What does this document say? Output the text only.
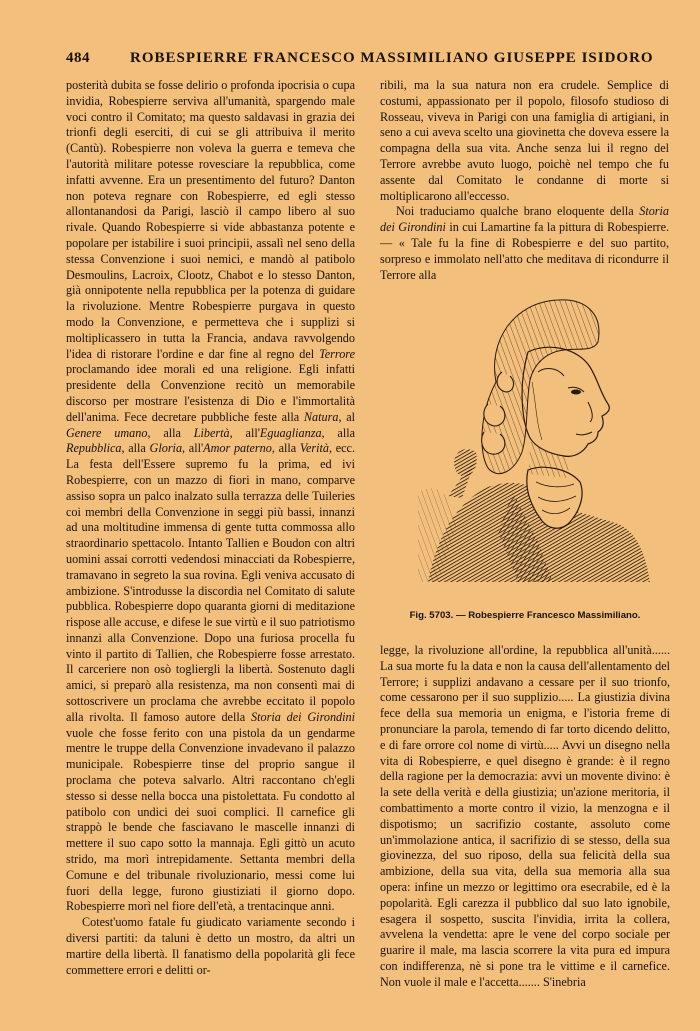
484	ROBESPIERRE FRANCESCO MASSIMILIANO GIUSEPPE ISIDORO

posterità dubita se fosse delirio o profonda ipocrisia o cupa invidia, Robespierre serviva all'umanità, spargendo male voci contro il Comitato; ma questo saldavasi in grazia dei trionfi degli eserciti, di cui se gli attribuiva il merito (Cantù). Robespierre non voleva la guerra e temeva che l'autorità militare potesse rovesciare la repubblica, come infatti avvenne. Era un presentimento del futuro? Danton non poteva regnare con Robespierre, ed egli stesso allontanandosi da Parigi, lasciò il campo libero al suo rivale. Quando Robespierre si vide abbastanza potente e popolare per istabilire i suoi principii, assalì nel seno della stessa Convenzione i suoi nemici, e mandò al patibolo Desmoulins, Lacroix, Clootz, Chabot e lo stesso Danton, già onnipotente nella repubblica per la potenza di guidare la rivoluzione. Mentre Robespierre purgava in questo modo la Convenzione, e permetteva che i supplizi si moltiplicassero in tutta la Francia, andava ravvolgendo l'idea di ristorare l'ordine e dar fine al regno del Terrore proclamando idee morali ed una religione. Egli infatti presidente della Convenzione recitò un memorabile discorso per mostrare l'esistenza di Dio e l'immortalità dell'anima. Fece decretare pubbliche feste alla Natura, al Genere umano, alla Libertà, all'Eguaglianza, alla Repubblica, alla Gloria, all'Amor paterno, alla Verità, ecc. La festa dell'Essere supremo fu la prima, ed ivi Robespierre, con un mazzo di fiori in mano, comparve assiso sopra un palco inalzato sulla terrazza delle Tuileries coi membri della Convenzione in seggi più bassi, innanzi ad una moltitudine immensa di gente tutta commossa allo straordinario spettacolo. Intanto Tallien e Boudon con altri uomini assai corrotti vedendosi minacciati da Robespierre, tramavano in segreto la sua rovina. Egli veniva accusato di ambizione. S'introdusse la discordia nel Comitato di salute pubblica. Robespierre dopo quaranta giorni di meditazione rispose alle accuse, e difese le sue virtù e il suo patriotismo innanzi alla Convenzione. Dopo una furiosa procella fu vinto il partito di Tallien, che Robespierre fosse arrestato. Il carceriere non osò togliergli la libertà. Sostenuto dagli amici, si preparò alla resistenza, ma non consentì mai di sottoscrivere un proclama che avrebbe eccitato il popolo alla rivolta. Il famoso autore della Storia dei Girondini vuole che fosse ferito con una pistola da un gendarme mentre le truppe della Convenzione invadevano il palazzo municipale. Robespierre tinse del proprio sangue il proclama che poteva salvarlo. Altri raccontano ch'egli stesso si desse nella bocca una pistolettata. Fu condotto al patibolo con undici dei suoi complici. Il carnefice gli strappò le bende che fasciavano le mascelle innanzi di mettere il suo capo sotto la mannaja. Egli gittò un acuto strido, ma morì intrepidamente. Settanta membri della Comune e del tribunale rivoluzionario, messi come lui fuori della legge, furono giustiziati il giorno dopo. Robespierre morì nel fiore dell'età, a trentacinque anni.

Cotest'uomo fatale fu giudicato variamente secondo i diversi partiti: da taluni è detto un mostro, da altri un martire della libertà. Il fanatismo della popolarità gli fece commettere errori e delitti or-

ribili, ma la sua natura non era crudele. Semplice di costumi, appassionato per il popolo, filosofo studioso di Rosseau, viveva in Parigi con una famiglia di artigiani, in seno a cui aveva scelto una giovinetta che doveva essere la compagna della sua vita. Anche senza lui il regno del Terrore avrebbe avuto luogo, poichè nel tempo che fu assente dal Comitato le condanne di morte si moltiplicarono all'eccesso.

Noi traduciamo qualche brano eloquente della Storia dei Girondini in cui Lamartine fa la pittura di Robespierre. — « Tale fu la fine di Robespierre e del suo partito, sorpreso e immolato nell'atto che meditava di ricondurre il Terrore alla

Fig. 5703. — Robespierre Francesco Massimiliano.

legge, la rivoluzione all'ordine, la repubblica all'unità...... La sua morte fu la data e non la causa dell'allentamento del Terrore; i supplizi andavano a cessare per il suo trionfo, come cessarono per il suo supplizio..... La giustizia divina fece della sua memoria un enigma, e l'istoria freme di pronunciare la parola, temendo di far torto dicendo delitto, e di fare orrore col nome di virtù..... Avvi un disegno nella vita di Robespierre, e quel disegno è grande: è il regno della ragione per la democrazia: avvi un movente divino: è la sete della verità e della giustizia; un'azione meritoria, il combattimento a morte contro il vizio, la menzogna e il dispotismo; un sacrifizio costante, assoluto come un'immolazione antica, il sacrifizio di se stesso, della sua giovinezza, del suo riposo, della sua felicità della sua ambizione, della sua vita, della sua memoria alla sua opera: infine un mezzo or legittimo ora esecrabile, ed è la popolarità. Egli carezza il pubblico dal suo lato ignobile, esagera il sospetto, suscita l'invidia, irrita la collera, avvelena la vendetta: apre le vene del corpo sociale per guarire il male, ma lascia scorrere la vita pura ed impura con indifferenza, nè si pone tra le vittime e il carnefice. Non vuole il male e l'accetta....... S'inebria
